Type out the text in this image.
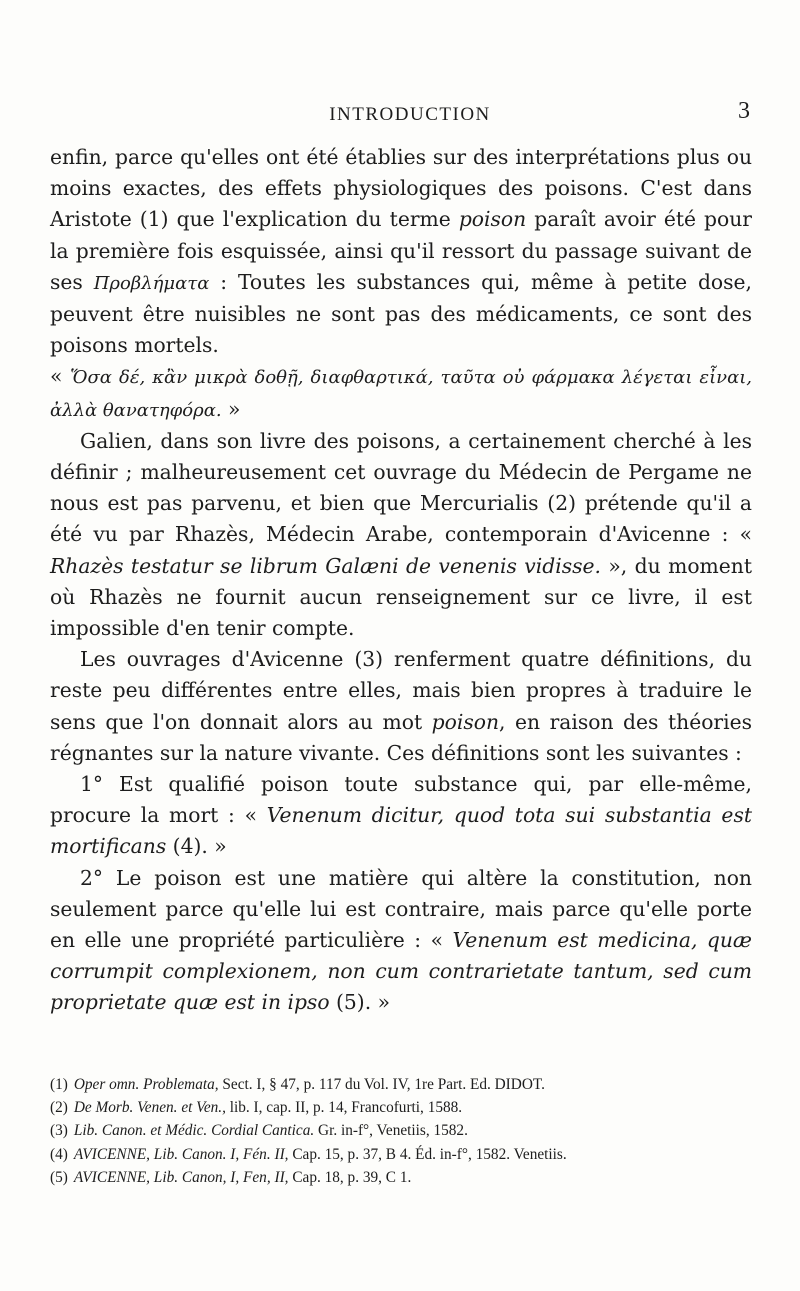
INTRODUCTION	3

enfin, parce qu'elles ont été établies sur des interprétations plus ou moins exactes, des effets physiologiques des poisons. C'est dans Aristote (1) que l'explication du terme poison paraît avoir été pour la première fois esquissée, ainsi qu'il ressort du passage suivant de ses Προβλήματα : Toutes les substances qui, même à petite dose, peuvent être nuisibles ne sont pas des médicaments, ce sont des poisons mortels.

« Ὅσα δέ, κἂν μικρὰ δοθῇ, διαφθαρτικά, ταῦτα οὐ φάρμακα λέγεται εἶναι, ἀλλὰ θανατηφόρα. »

Galien, dans son livre des poisons, a certainement cherché à les définir ; malheureusement cet ouvrage du Médecin de Pergame ne nous est pas parvenu, et bien que Mercurialis (2) prétende qu'il a été vu par Rhazès, Médecin Arabe, contemporain d'Avicenne : « Rhazès testatur se librum Galæni de venenis vidisse. », du moment où Rhazès ne fournit aucun renseignement sur ce livre, il est impossible d'en tenir compte.

Les ouvrages d'Avicenne (3) renferment quatre définitions, du reste peu différentes entre elles, mais bien propres à traduire le sens que l'on donnait alors au mot poison, en raison des théories régnantes sur la nature vivante. Ces définitions sont les suivantes :

1° Est qualifié poison toute substance qui, par elle-même, procure la mort : « Venenum dicitur, quod tota sui substantia est mortificans (4). »

2° Le poison est une matière qui altère la constitution, non seulement parce qu'elle lui est contraire, mais parce qu'elle porte en elle une propriété particulière : « Venenum est medicina, quæ corrumpit complexionem, non cum contrarietate tantum, sed cum proprietate quæ est in ipso (5). »

(1) Oper omn. Problemata, Sect. I, § 47, p. 117 du Vol. IV, 1re Part. Ed. DIDOT.

(2) De Morb. Venen. et Ven., lib. I, cap. II, p. 14, Francofurti, 1588.

(3) Lib. Canon. et Médic. Cordial Cantica. Gr. in-f°, Venetiis, 1582.

(4) AVICENNE, Lib. Canon. I, Fén. II, Cap. 15, p. 37, B 4. Éd. in-f°, 1582. Venetiis.

(5) AVICENNE, Lib. Canon, I, Fen, II, Cap. 18, p. 39, C 1.
